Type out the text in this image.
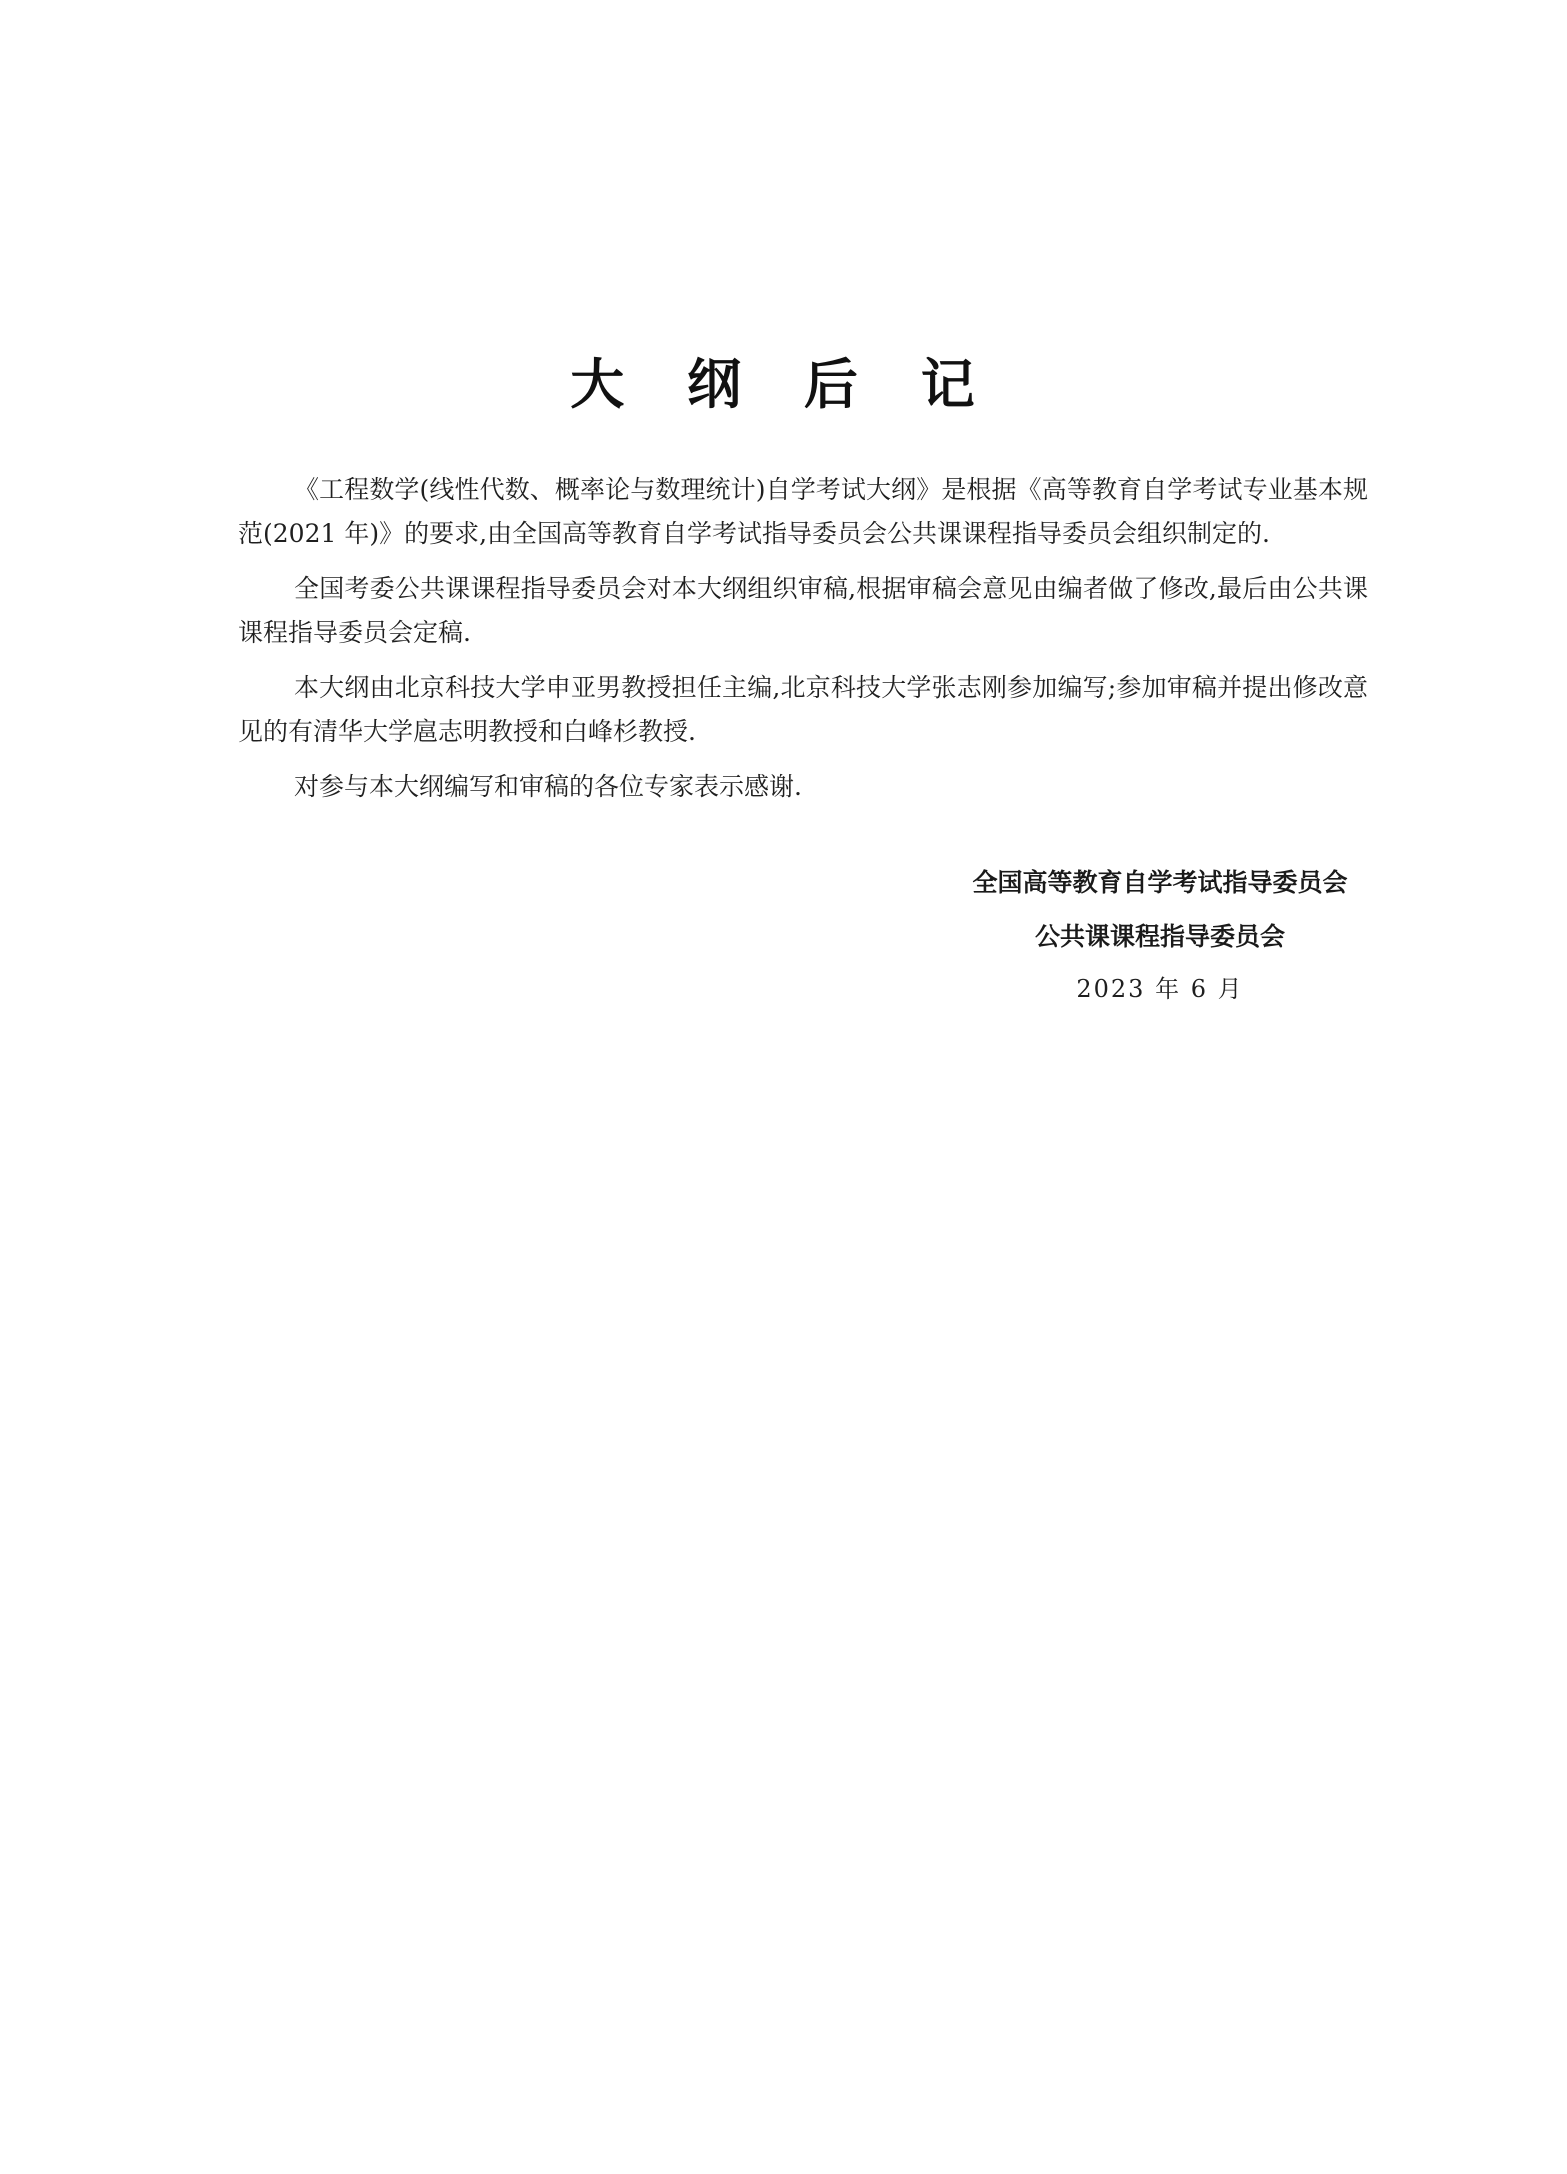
大 纲 后 记

《工程数学(线性代数、概率论与数理统计)自学考试大纲》是根据《高等教育自学考试专业基本规范(2021 年)》的要求,由全国高等教育自学考试指导委员会公共课课程指导委员会组织制定的.

全国考委公共课课程指导委员会对本大纲组织审稿,根据审稿会意见由编者做了修改,最后由公共课课程指导委员会定稿.

本大纲由北京科技大学申亚男教授担任主编,北京科技大学张志刚参加编写;参加审稿并提出修改意见的有清华大学扈志明教授和白峰杉教授.

对参与本大纲编写和审稿的各位专家表示感谢.

全国高等教育自学考试指导委员会
公共课课程指导委员会
2023 年 6 月
